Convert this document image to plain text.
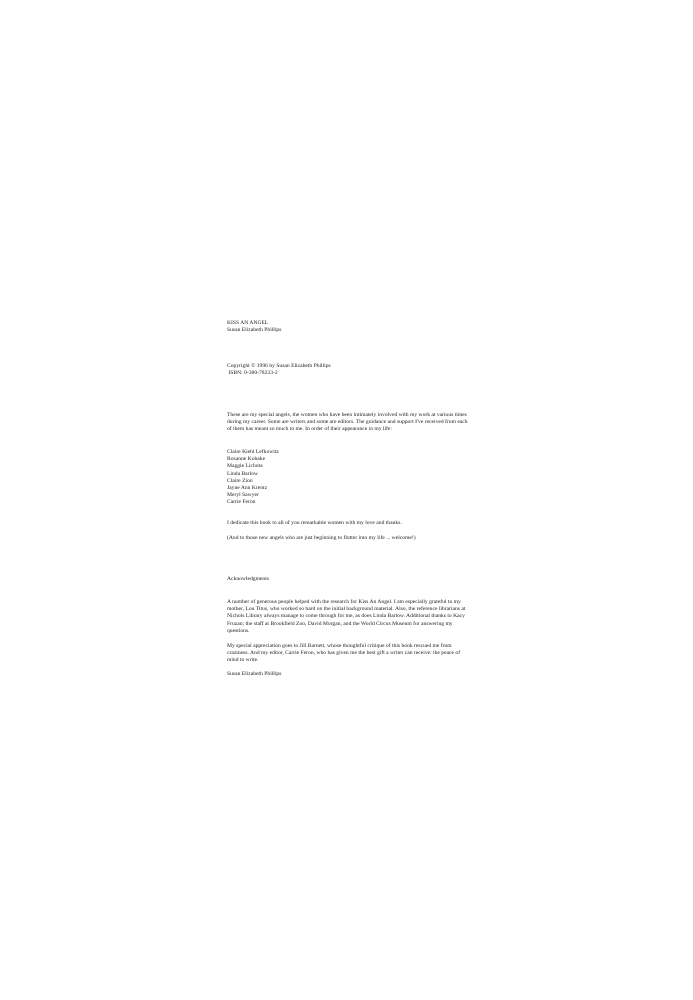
KISS AN ANGEL
Susan Elizabeth Phillips
Copyright © 1996 by Susan Elizabeth Phillips
ISBN: 0-380-78233-2

These are my special angels, the women who have been intimately involved with my work at various times during my career. Some are writers and some are editors. The guidance and support I've received from each of them has meant so much to me. In order of their appearance in my life:

Claire Kiehl Lefkowitz
Rosanne Kohake
Maggie Lichota
Linda Barlow
Claire Zion
Jayne Ann Krentz
Meryl Sawyer
Carrie Feron
I dedicate this book to all of you remarkable women with my love and thanks.
(And to those new angels who are just beginning to flutter into my life ... welcome!)
Acknowledgments

A number of generous people helped with the research for Kiss An Angel. I am especially grateful to my mother, Lou Titus, who worked so hard on the initial background material. Also, the reference librarians at Nichols Library always manage to come through for me, as does Linda Barlow. Additional thanks to Kacy Fruzan; the staff at Brookfield Zoo, David Morgan, and the World Circus Museum for answering my questions.

My special appreciation goes to Jill Barnett, whose thoughtful critique of this book rescued me from craziness. And my editor, Carrie Feron, who has given me the best gift a writer can receive: the peace of mind to write.

Susan Elizabeth Phillips
